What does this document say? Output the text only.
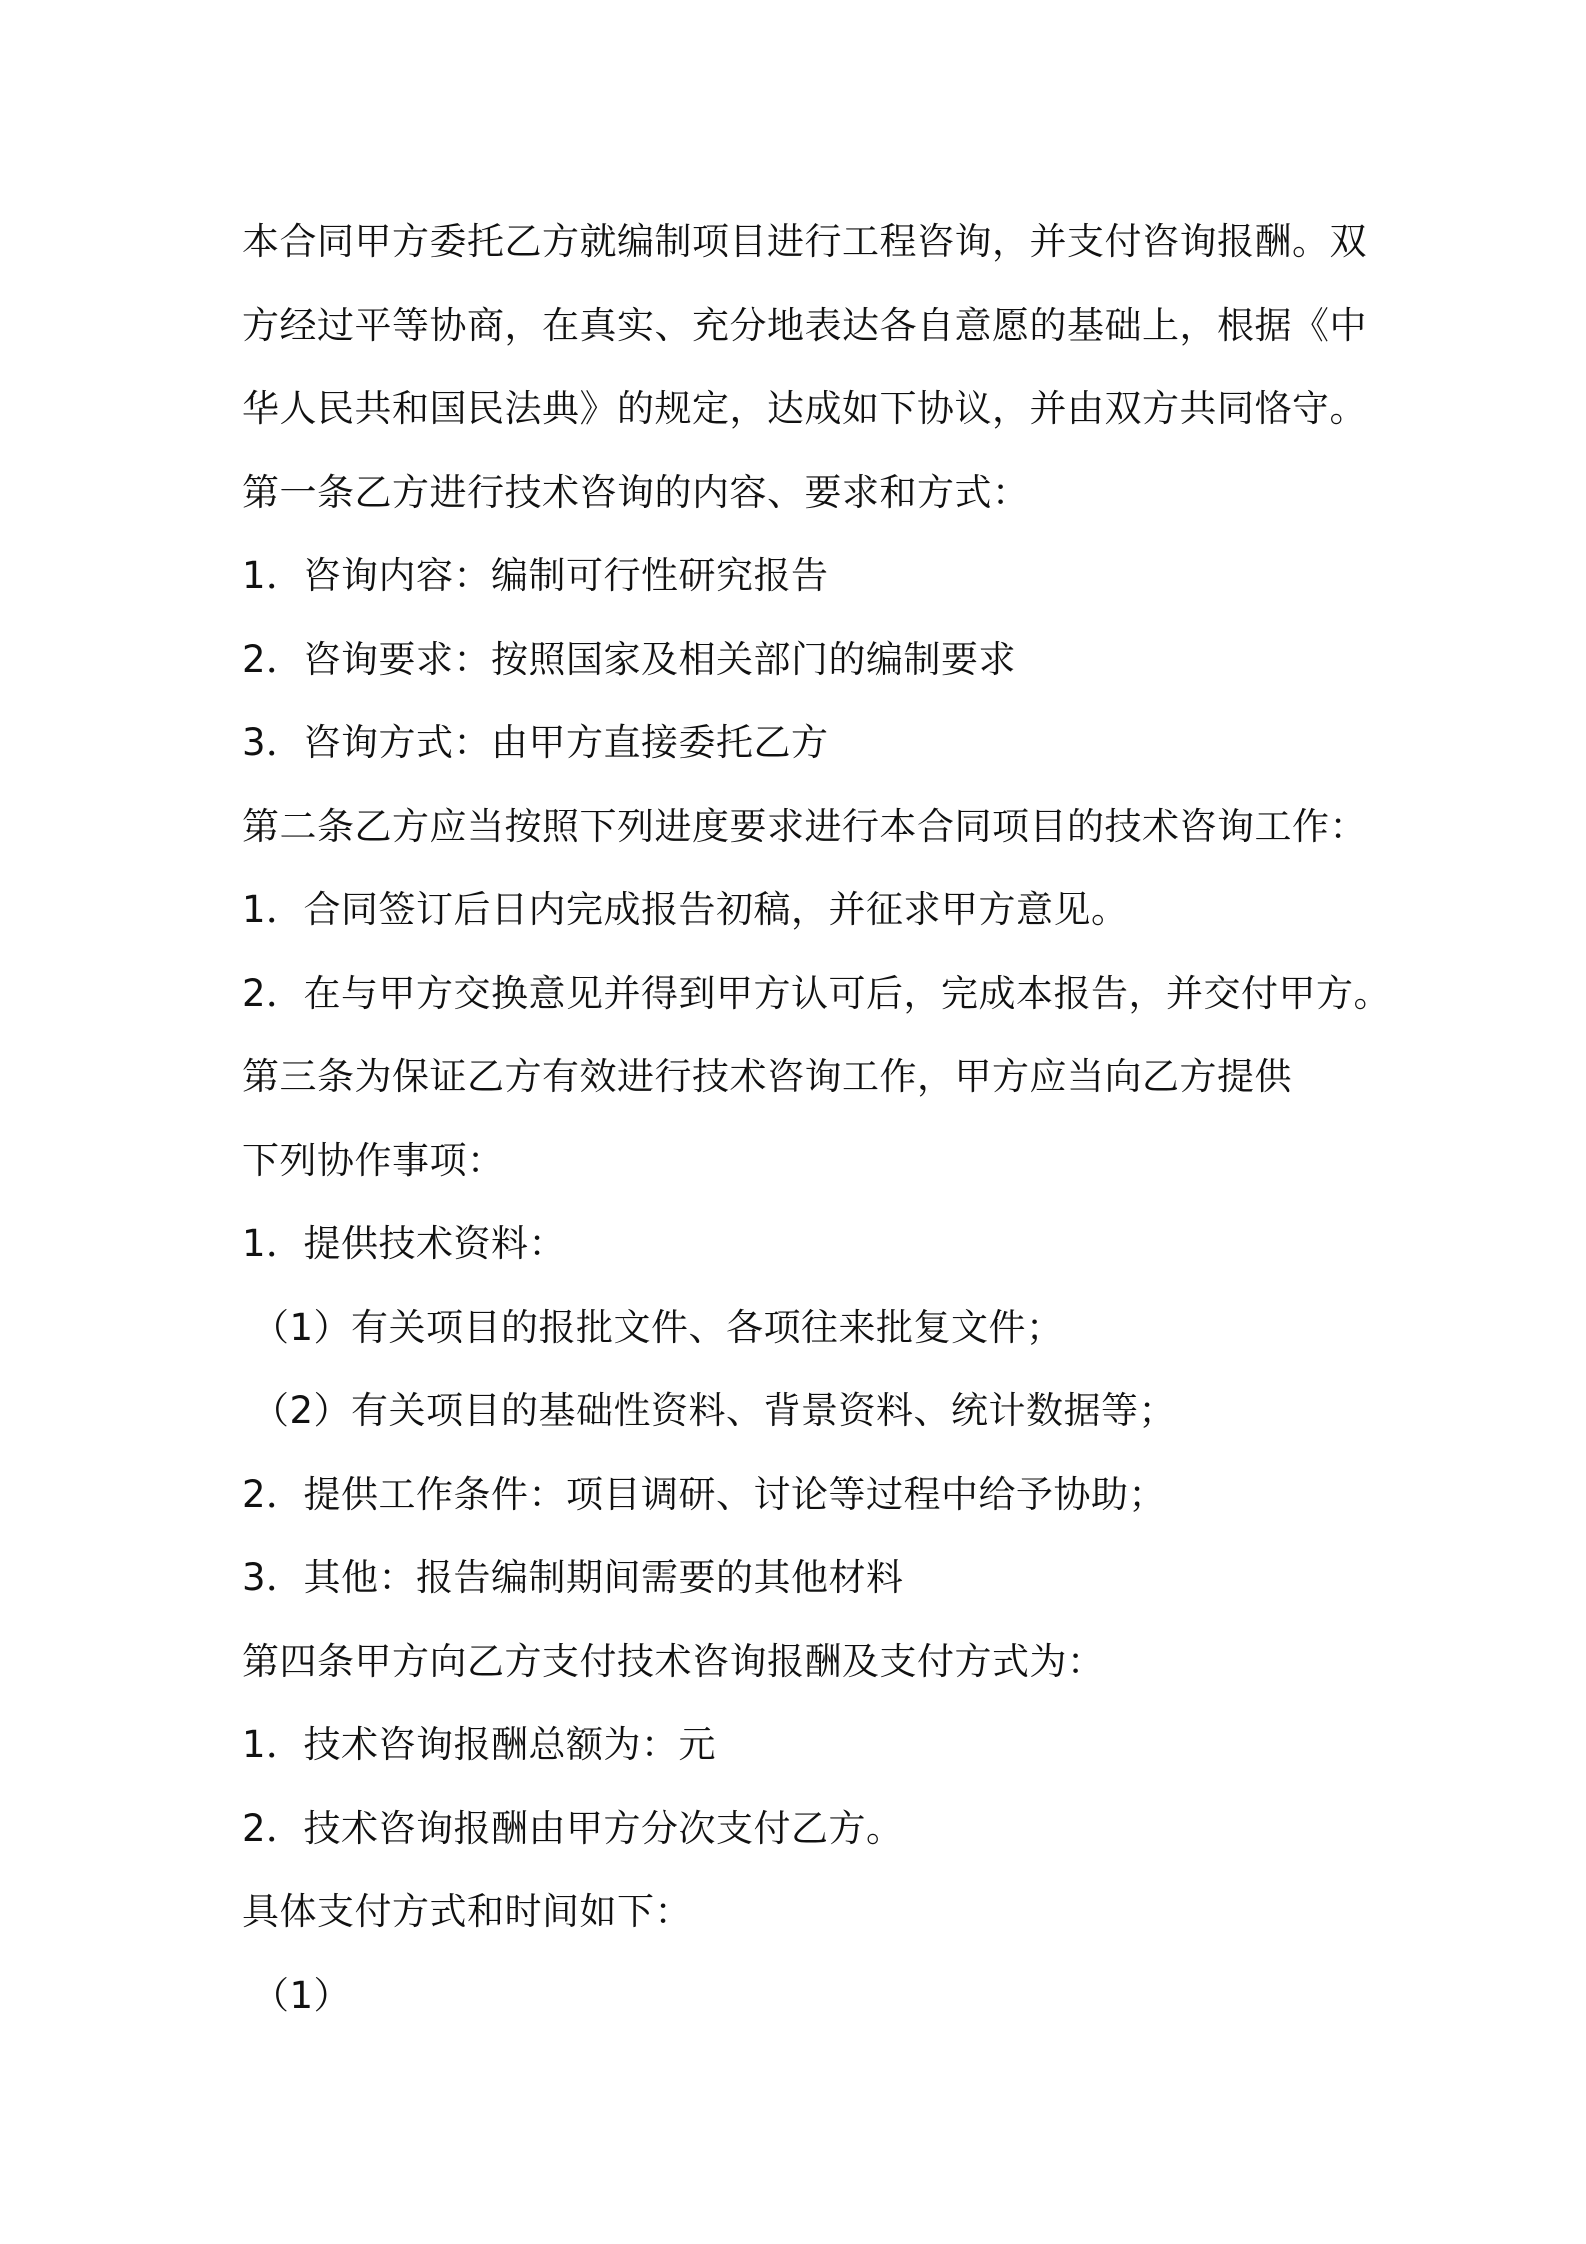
本合同甲方委托乙方就编制项目进行工程咨询，并支付咨询报酬。双
方经过平等协商，在真实、充分地表达各自意愿的基础上，根据《中
华人民共和国民法典》的规定，达成如下协议，并由双方共同恪守。
第一条乙方进行技术咨询的内容、要求和方式：
1．咨询内容：编制可行性研究报告
2．咨询要求：按照国家及相关部门的编制要求
3．咨询方式：由甲方直接委托乙方
第二条乙方应当按照下列进度要求进行本合同项目的技术咨询工作：
1．合同签订后日内完成报告初稿，并征求甲方意见。
2．在与甲方交换意见并得到甲方认可后，完成本报告，并交付甲方。
第三条为保证乙方有效进行技术咨询工作，甲方应当向乙方提供
下列协作事项：
1．提供技术资料：
（1）有关项目的报批文件、各项往来批复文件；
（2）有关项目的基础性资料、背景资料、统计数据等；
2．提供工作条件：项目调研、讨论等过程中给予协助；
3．其他：报告编制期间需要的其他材料
第四条甲方向乙方支付技术咨询报酬及支付方式为：
1．技术咨询报酬总额为：元
2．技术咨询报酬由甲方分次支付乙方。
具体支付方式和时间如下：
（1）
